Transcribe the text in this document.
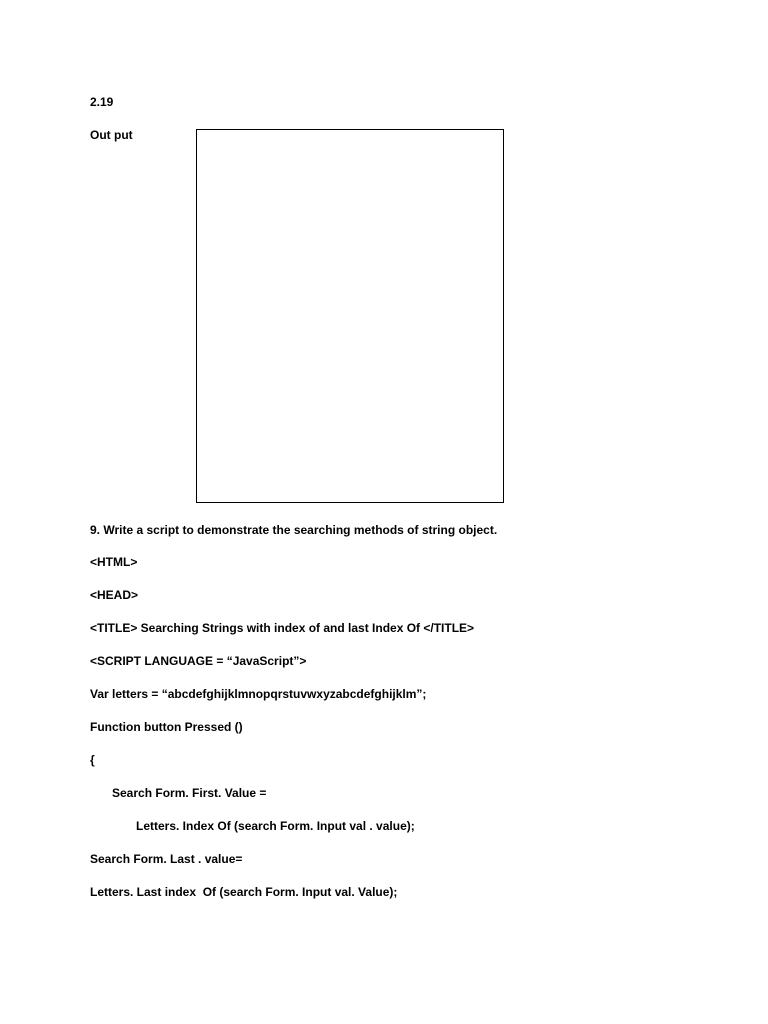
2.19
Out put
9. Write a script to demonstrate the searching methods of string object.
<HTML>
<HEAD>
<TITLE> Searching Strings with index of and last Index Of </TITLE>
<SCRIPT LANGUAGE = “JavaScript”>
Var letters = “abcdefghijklmnopqrstuvwxyzabcdefghijklm”;
Function button Pressed ()
{
Search Form. First. Value =
Letters. Index Of (search Form. Input val . value);
Search Form. Last . value=
Letters. Last index  Of (search Form. Input val. Value);
